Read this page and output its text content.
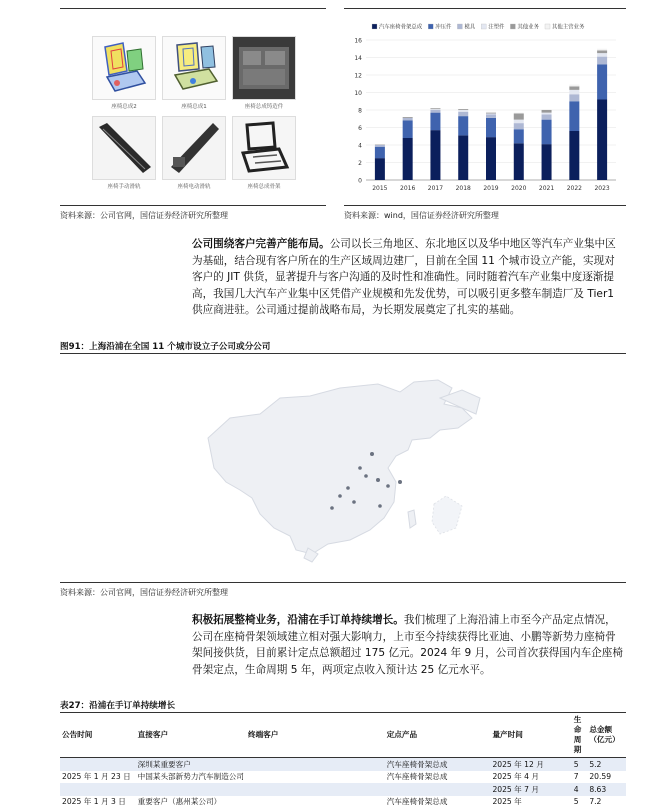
座椅总成2	座椅总成1	座椅总成铸造件
座椅手动滑轨	座椅电动滑轨	座椅总成骨架
0
2
4
6
8
10
12
14
16
汽车座椅骨架总成 冲压件 模具 注塑件 其他业务 其他主营业务
2015 2016 2017 2018 2019 2020 2021 2022 2023
资料来源：公司官网，国信证券经济研究所整理	资料来源：wind，国信证券经济研究所整理
公司围绕客户完善产能布局。公司以长三角地区、东北地区以及华中地区等汽车产业集中区为基础，结合现有客户所在的生产区域周边建厂，目前在全国 11 个城市设立产能，实现对客户的 JIT 供货，显著提升与客户沟通的及时性和准确性。同时随着汽车产业集中度逐渐提高，我国几大汽车产业集中区凭借产业规模和先发优势，可以吸引更多整车制造厂及 Tier1 供应商进驻。公司通过提前战略布局，为长期发展奠定了扎实的基础。
图91：上海沿浦在全国 11 个城市设立子公司或分公司
资料来源：公司官网，国信证券经济研究所整理
积极拓展整椅业务，沿浦在手订单持续增长。我们梳理了上海沿浦上市至今产品定点情况，公司在座椅骨架领域建立相对强大影响力，上市至今持续获得比亚迪、小鹏等新势力座椅骨架间接供货，目前累计定点总额超过 175 亿元。2024 年 9 月，公司首次获得国内车企座椅骨架定点，生命周期 5 年，两项定点收入预计达 25 亿元水平。
表27：沿浦在手订单持续增长
公告时间	直接客户	终端客户	定点产品	量产时间	生命周期	总金额（亿元）
	深圳某重要客户		汽车座椅骨架总成	2025 年 12 月	5	5.2
2025 年 1 月 23 日	中国某头部新势力汽车制造公司		汽车座椅骨架总成	2025 年 4 月	7	20.59
				2025 年 7 月	4	8.63
2025 年 1 月 3 日	重要客户（惠州某公司）		汽车座椅骨架总成	2025 年	5	7.2
